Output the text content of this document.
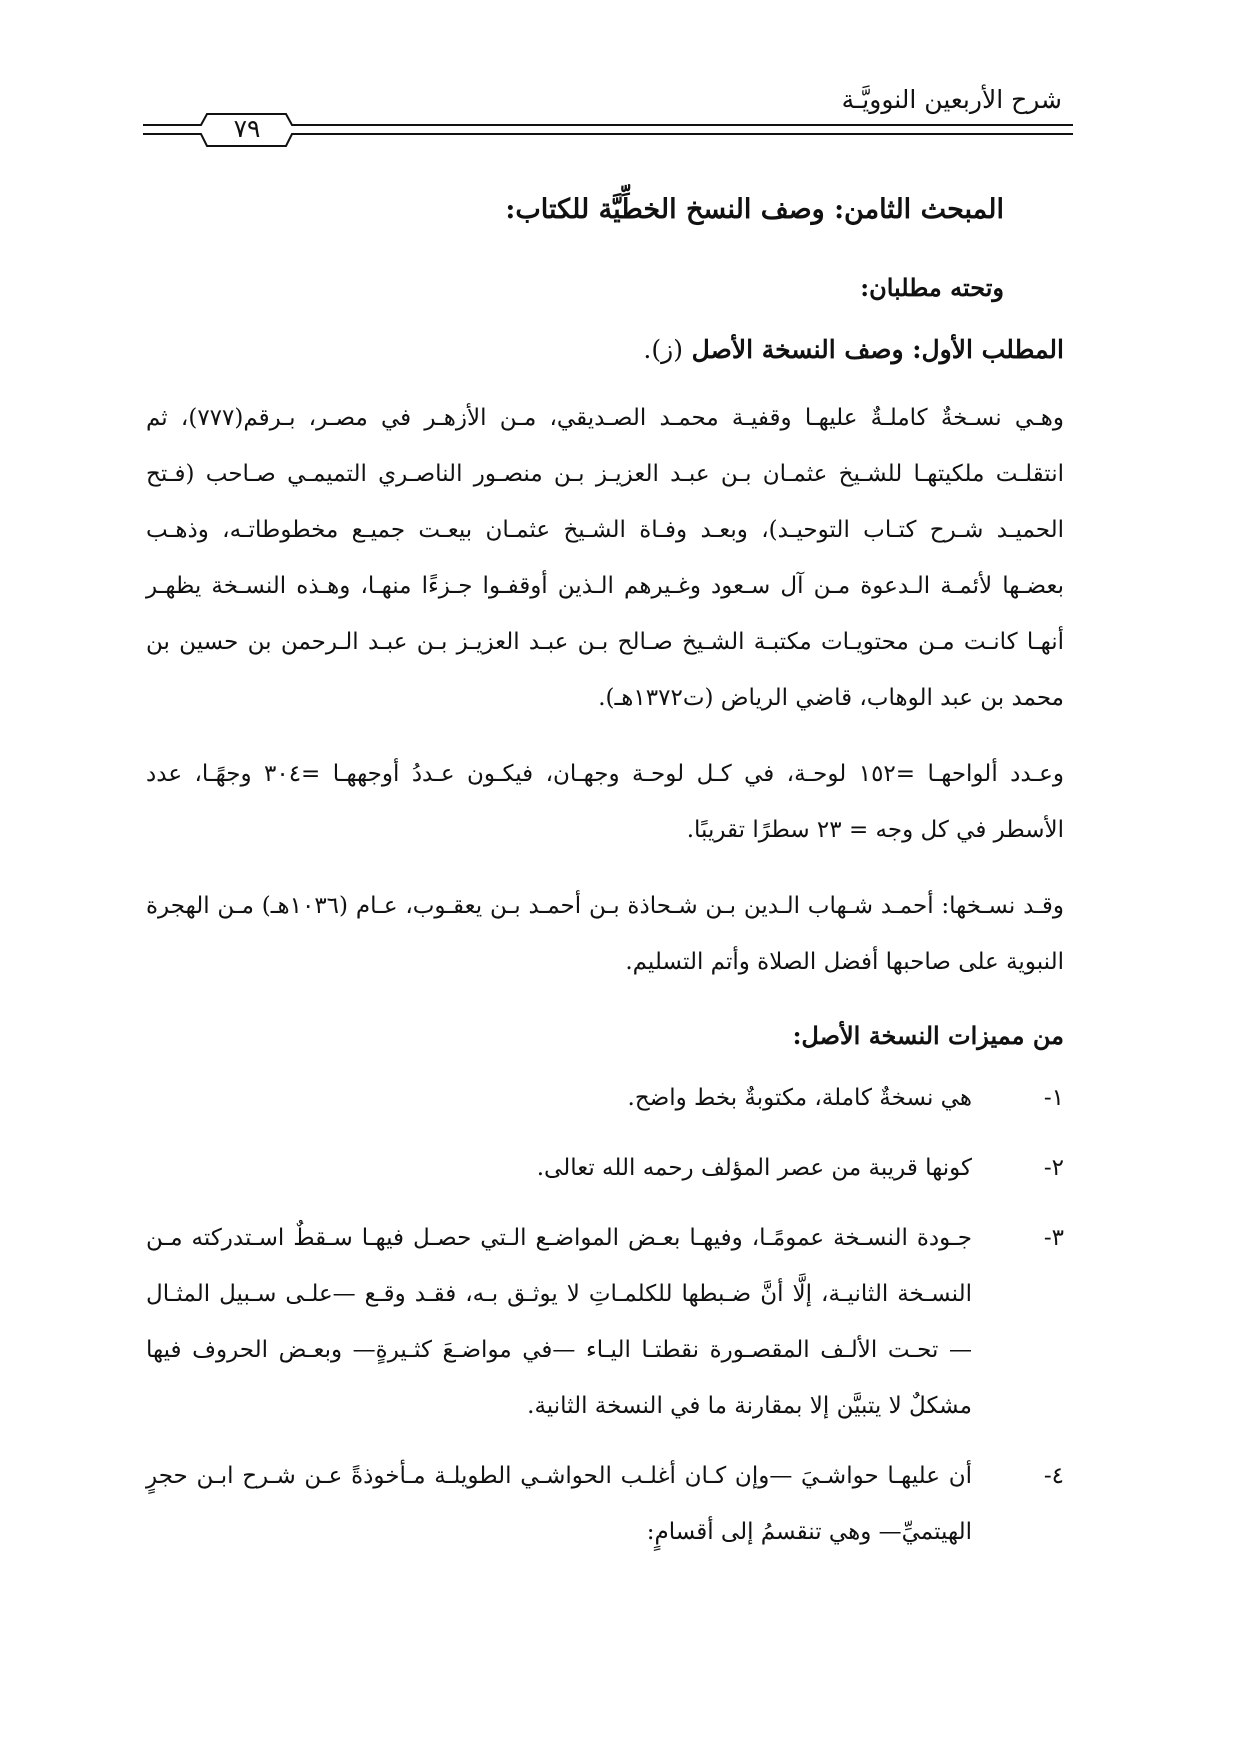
شرح الأربعين النوويَّـة
٧٩
المبحث الثامن: وصف النسخ الخطِّيَّة للكتاب:
وتحته مطلبان:
المطلب الأول: وصف النسخة الأصل (ز).

وهـي نسـخةٌ كاملـةٌ عليهـا وقفيـة محمـد الصـديقي، مـن الأزهـر في مصـر، بـرقم(٧٧٧)، ثم انتقلـت ملكيتهـا للشـيخ عثمـان بـن عبـد العزيـز بـن منصـور الناصـري التميمـي صـاحب (فـتح الحميـد شـرح كتـاب التوحيـد)، وبعـد وفـاة الشـيخ عثمـان بيعـت جميـع مخطوطاتـه، وذهـب بعضـها لأئمـة الـدعوة مـن آل سـعود وغـيرهم الـذين أوقفـوا جـزءًا منهـا، وهـذه النسـخة يظهـر أنهـا كانـت مـن محتويـات مكتبـة الشـيخ صـالح بـن عبـد العزيـز بـن عبـد الـرحمن بن حسين بن محمد بن عبد الوهاب، قاضي الرياض (ت١٣٧٢هـ).

وعـدد ألواحهـا =١٥٢ لوحـة، في كـل لوحـة وجهـان، فيكـون عـددُ أوجههـا =٣٠٤ وجهًـا، عدد الأسطر في كل وجه = ٢٣ سطرًا تقريبًا.

وقـد نسـخها: أحمـد شـهاب الـدين بـن شـحاذة بـن أحمـد بـن يعقـوب، عـام (١٠٣٦هـ) مـن الهجرة النبوية على صاحبها أفضل الصلاة وأتم التسليم.

من مميزات النسخة الأصل:
١-
هي نسخةٌ كاملة، مكتوبةٌ بخط واضح.
٢-
كونها قريبة من عصر المؤلف رحمه الله تعالى.
٣-
جـودة النسـخة عمومًـا، وفيهـا بعـض المواضـع الـتي حصـل فيهـا سـقطٌ اسـتدركته مـن النسـخة الثانيـة، إلَّا أنَّ ضـبطها للكلمـاتِ لا يوثـق بـه، فقـد وقـع —علـى سـبيل المثـال— تحـت الألـف المقصـورة نقطتـا اليـاء —في مواضـعَ كثـيرةٍ— وبعـض الحروف فيها مشكلٌ لا يتبيَّن إلا بمقارنة ما في النسخة الثانية.
٤-
أن عليهـا حواشـيَ —وإن كـان أغلـب الحواشـي الطويلـة مـأخوذةً عـن شـرح ابـن حجرٍ الهيتميِّ— وهي تنقسمُ إلى أقسامٍ:
